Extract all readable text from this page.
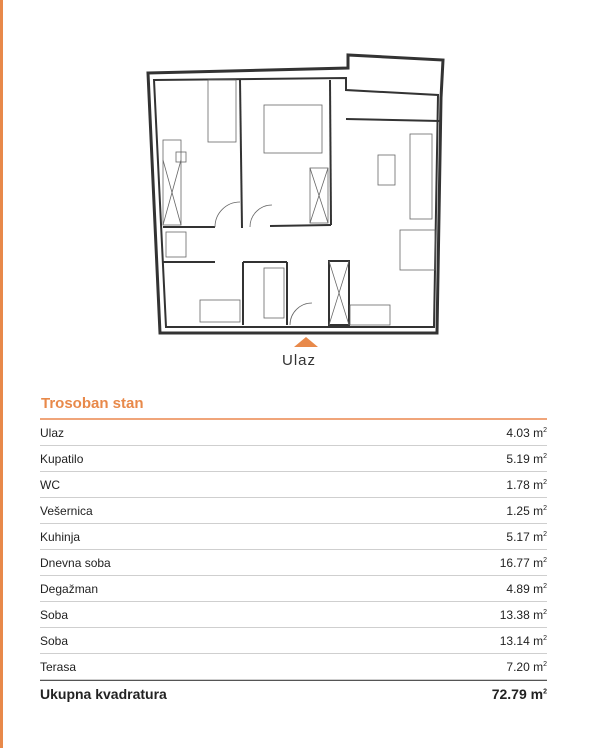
Ulaz
Trosoban stan
Ulaz	4.03 $m^2$
Kupatilo	5.19 $m^2$
WC	1.78 $m^2$
Vešernica	1.25 $m^2$
Kuhinja	5.17 $m^2$
Dnevna soba	16.77 $m^2$
Degažman	4.89 $m^2$
Soba	13.38 $m^2$
Soba	13.14 $m^2$
Terasa	7.20 $m^2$
Ukupna kvadratura	72.79 $m^2$
